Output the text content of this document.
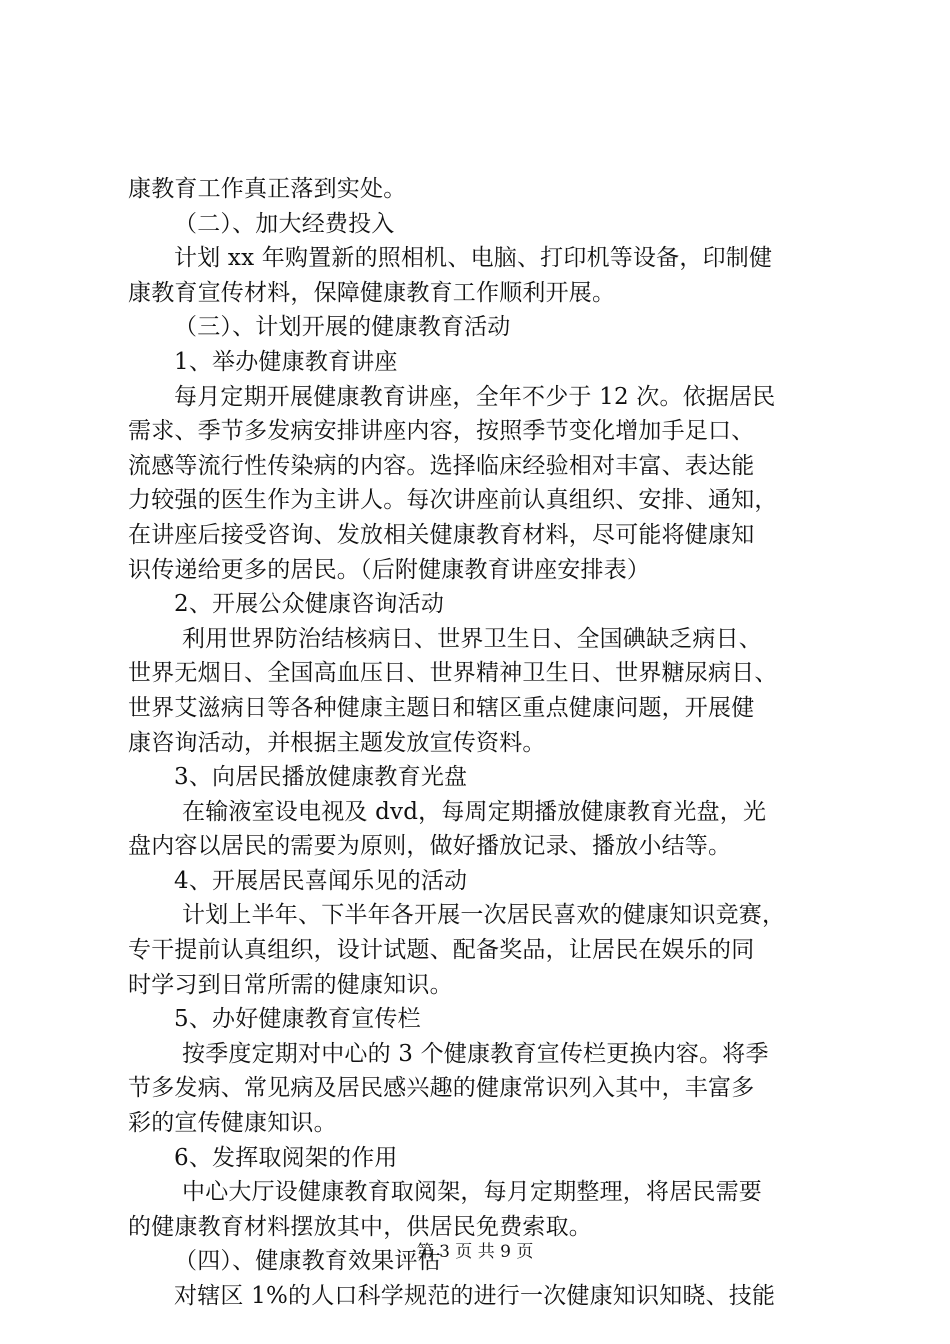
康教育工作真正落到实处。
（二）、加大经费投入
计划 xx 年购置新的照相机、电脑、打印机等设备，印制健
康教育宣传材料，保障健康教育工作顺利开展。
（三）、计划开展的健康教育活动
1、举办健康教育讲座
每月定期开展健康教育讲座，全年不少于 12 次。依据居民
需求、季节多发病安排讲座内容，按照季节变化增加手足口、
流感等流行性传染病的内容。选择临床经验相对丰富、表达能
力较强的医生作为主讲人。每次讲座前认真组织、安排、通知，
在讲座后接受咨询、发放相关健康教育材料，尽可能将健康知
识传递给更多的居民。（后附健康教育讲座安排表）
2、开展公众健康咨询活动
利用世界防治结核病日、世界卫生日、全国碘缺乏病日、
世界无烟日、全国高血压日、世界精神卫生日、世界糖尿病日、
世界艾滋病日等各种健康主题日和辖区重点健康问题，开展健
康咨询活动，并根据主题发放宣传资料。
3、向居民播放健康教育光盘
在输液室设电视及 dvd，每周定期播放健康教育光盘，光
盘内容以居民的需要为原则，做好播放记录、播放小结等。
4、开展居民喜闻乐见的活动
计划上半年、下半年各开展一次居民喜欢的健康知识竞赛，
专干提前认真组织，设计试题、配备奖品，让居民在娱乐的同
时学习到日常所需的健康知识。
5、办好健康教育宣传栏
按季度定期对中心的 3 个健康教育宣传栏更换内容。将季
节多发病、常见病及居民感兴趣的健康常识列入其中，丰富多
彩的宣传健康知识。
6、发挥取阅架的作用
中心大厅设健康教育取阅架，每月定期整理，将居民需要
的健康教育材料摆放其中，供居民免费索取。
（四）、健康教育效果评估
对辖区 1%的人口科学规范的进行一次健康知识知晓、技能
第 3 页 共 9 页
